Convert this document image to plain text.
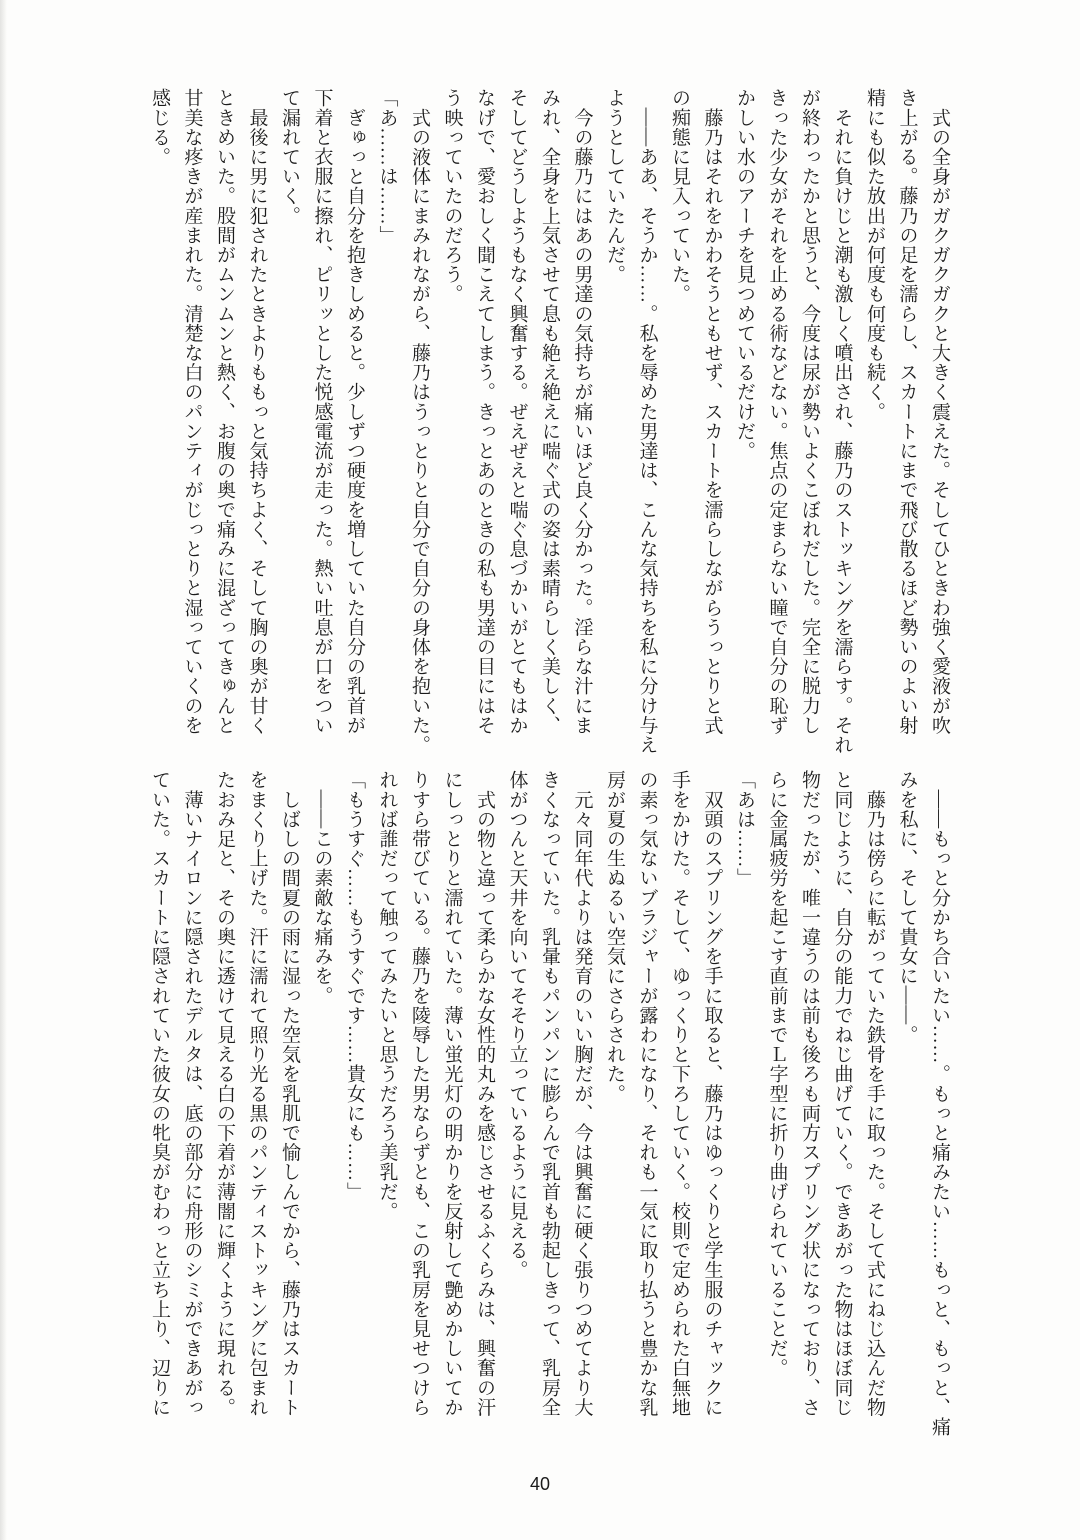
　式の全身がガクガクガクと大きく震えた。そしてひときわ強く愛液が吹

き上がる。藤乃の足を濡らし、スカートにまで飛び散るほど勢いのよい射

精にも似た放出が何度も何度も続く。

　それに負けじと潮も激しく噴出され、藤乃のストッキングを濡らす。それ

が終わったかと思うと、今度は尿が勢いよくこぼれだした。完全に脱力し

きった少女がそれを止める術などない。焦点の定まらない瞳で自分の恥ず

かしい水のアーチを見つめているだけだ。

　藤乃はそれをかわそうともせず、スカートを濡らしながらうっとりと式

の痴態に見入っていた。

　——ああ、そうか……。私を辱めた男達は、こんな気持ちを私に分け与え

ようとしていたんだ。

　今の藤乃にはあの男達の気持ちが痛いほど良く分かった。淫らな汁にま

みれ、全身を上気させて息も絶え絶えに喘ぐ式の姿は素晴らしく美しく、

そしてどうしようもなく興奮する。ぜえぜえと喘ぐ息づかいがとてもはか

なげで、愛おしく聞こえてしまう。きっとあのときの私も男達の目にはそ

う映っていたのだろう。

　式の液体にまみれながら、藤乃はうっとりと自分で自分の身体を抱いた。

「あ……は……」

　ぎゅっと自分を抱きしめると。少しずつ硬度を増していた自分の乳首が

下着と衣服に擦れ、ピリッとした悦感電流が走った。熱い吐息が口をつい

て漏れていく。

　最後に男に犯されたときよりももっと気持ちよく、そして胸の奥が甘く

ときめいた。股間がムンムンと熱く、お腹の奥で痛みに混ざってきゅんと

甘美な疼きが産まれた。清楚な白のパンティがじっとりと湿っていくのを

感じる。

　——もっと分かち合いたい……。もっと痛みたい……もっと、もっと、痛

みを私に、そして貴女に——。

　藤乃は傍らに転がっていた鉄骨を手に取った。そして式にねじ込んだ物

と同じように、自分の能力でねじ曲げていく。できあがった物はほぼ同じ

物だったが、唯一違うのは前も後ろも両方スプリング状になっており、さ

らに金属疲労を起こす直前までＬ字型に折り曲げられていることだ。

「あは……」

　双頭のスプリングを手に取ると、藤乃はゆっくりと学生服のチャックに

手をかけた。そして、ゆっくりと下ろしていく。校則で定められた白無地

の素っ気ないブラジャーが露わになり、それも一気に取り払うと豊かな乳

房が夏の生ぬるい空気にさらされた。

　元々同年代よりは発育のいい胸だが、今は興奮に硬く張りつめてより大

きくなっていた。乳暈もパンパンに膨らんで乳首も勃起しきって、乳房全

体がつんと天井を向いてそそり立っているように見える。

　式の物と違って柔らかな女性的丸みを感じさせるふくらみは、興奮の汗

にしっとりと濡れていた。薄い蛍光灯の明かりを反射して艶めかしいてか

りすら帯びている。藤乃を陵辱した男ならずとも、この乳房を見せつけら

れれば誰だって触ってみたいと思うだろう美乳だ。

「もうすぐ……もうすぐです……貴女にも……」

　——この素敵な痛みを。

　しばしの間夏の雨に湿った空気を乳肌で愉しんでから、藤乃はスカート

をまくり上げた。汗に濡れて照り光る黒のパンティストッキングに包まれ

たおみ足と、その奥に透けて見える白の下着が薄闇に輝くように現れる。

　薄いナイロンに隠されたデルタは、底の部分に舟形のシミができあがっ

ていた。スカートに隠されていた彼女の牝臭がむわっと立ち上り、辺りに

40
